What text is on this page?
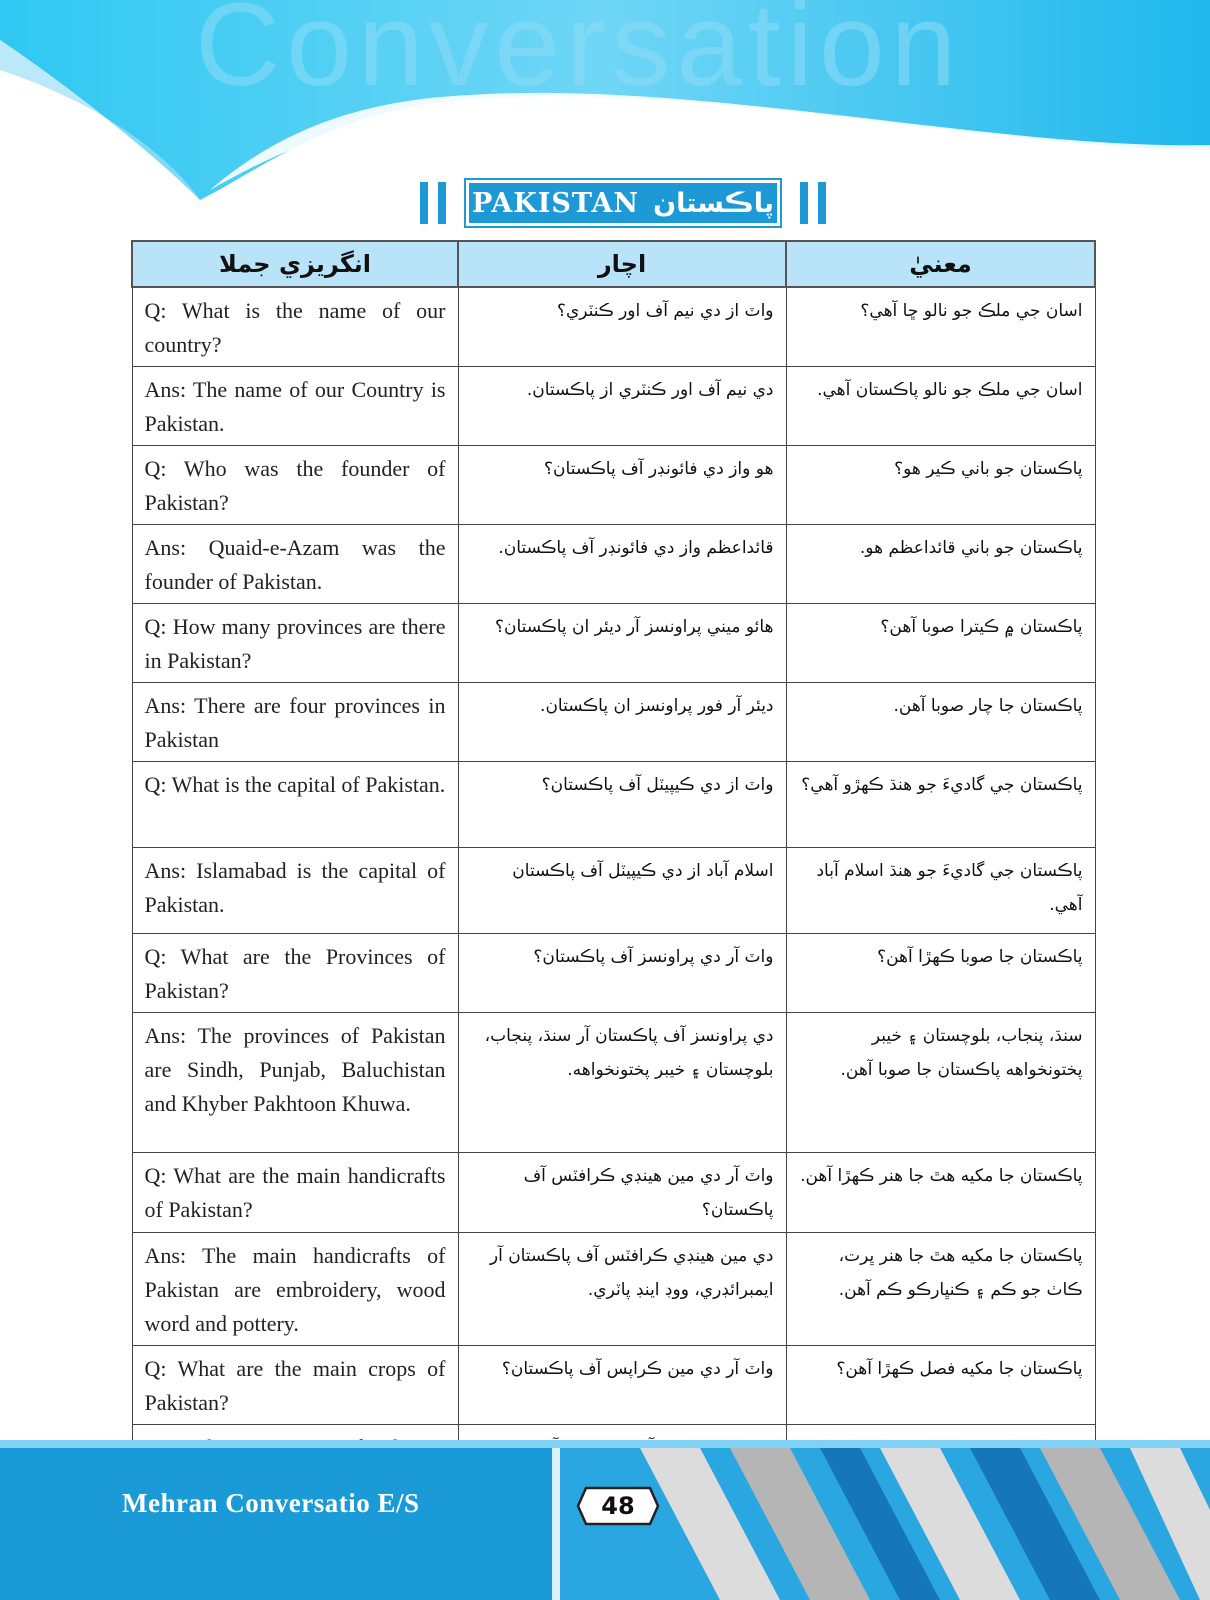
Conversation
PAKISTAN پاڪستان
انگريزي جملا	اچار	معنيٰ
Q: What is the name of our country?	واٽ از دي نيم آف اور ڪنٽري؟	اسان جي ملڪ جو نالو ڇا آهي؟
Ans: The name of our Country is Pakistan.	دي نيم آف اور ڪنٽري از پاڪستان.	اسان جي ملڪ جو نالو پاڪستان آهي.
Q: Who was the founder of Pakistan?	هو واز دي فائونڊر آف پاڪستان؟	پاڪستان جو باني ڪير هو؟
Ans: Quaid-e-Azam was the founder of Pakistan.	قائداعظم واز دي فائونڊر آف پاڪستان.	پاڪستان جو باني قائداعظم هو.
Q: How many provinces are there in Pakistan?	هائو ميني پراونسز آر ديئر ان پاڪستان؟	پاڪستان ۾ ڪيترا صوبا آهن؟
Ans: There are four provinces in Pakistan	ديئر آر فور پراونسز ان پاڪستان.	پاڪستان جا چار صوبا آهن.
Q: What is the capital of Pakistan.	واٽ از دي ڪيپيٽل آف پاڪستان؟	پاڪستان جي گاديءَ جو هنڌ ڪهڙو آهي؟
Ans: Islamabad is the capital of Pakistan.	اسلام آباد از دي ڪيپيٽل آف پاڪستان	پاڪستان جي گاديءَ جو هنڌ اسلام آباد آهي.
Q: What are the Provinces of Pakistan?	واٽ آر دي پراونسز آف پاڪستان؟	پاڪستان جا صوبا ڪهڙا آهن؟
Ans: The provinces of Pakistan are Sindh, Punjab, Baluchistan and Khyber Pakhtoon Khuwa.	دي پراونسز آف پاڪستان آر سنڌ، پنجاب، بلوچستان ۽ خيبر پختونخواهه.	سنڌ، پنجاب، بلوچستان ۽ خيبر پختونخواهه پاڪستان جا صوبا آهن.
Q: What are the main handicrafts of Pakistan?	واٽ آر دي مين هينڊي ڪرافٽس آف پاڪستان؟	پاڪستان جا مکيه هٿ جا هنر ڪهڙا آهن.
Ans: The main handicrafts of Pakistan are embroidery, wood word and pottery.	دي مين هينڊي ڪرافٽس آف پاڪستان آر ايمبرائڊري، ووڊ اينڊ پاٽري.	پاڪستان جا مکيه هٿ جا هنر ڀرت، ڪاٺ جو ڪم ۽ ڪنڀارڪو ڪم آهن.
Q: What are the main crops of Pakistan?	واٽ آر دي مين ڪراپس آف پاڪستان؟	پاڪستان جا مکيه فصل ڪهڙا آهن؟

Mehran Conversatio E/S	48
